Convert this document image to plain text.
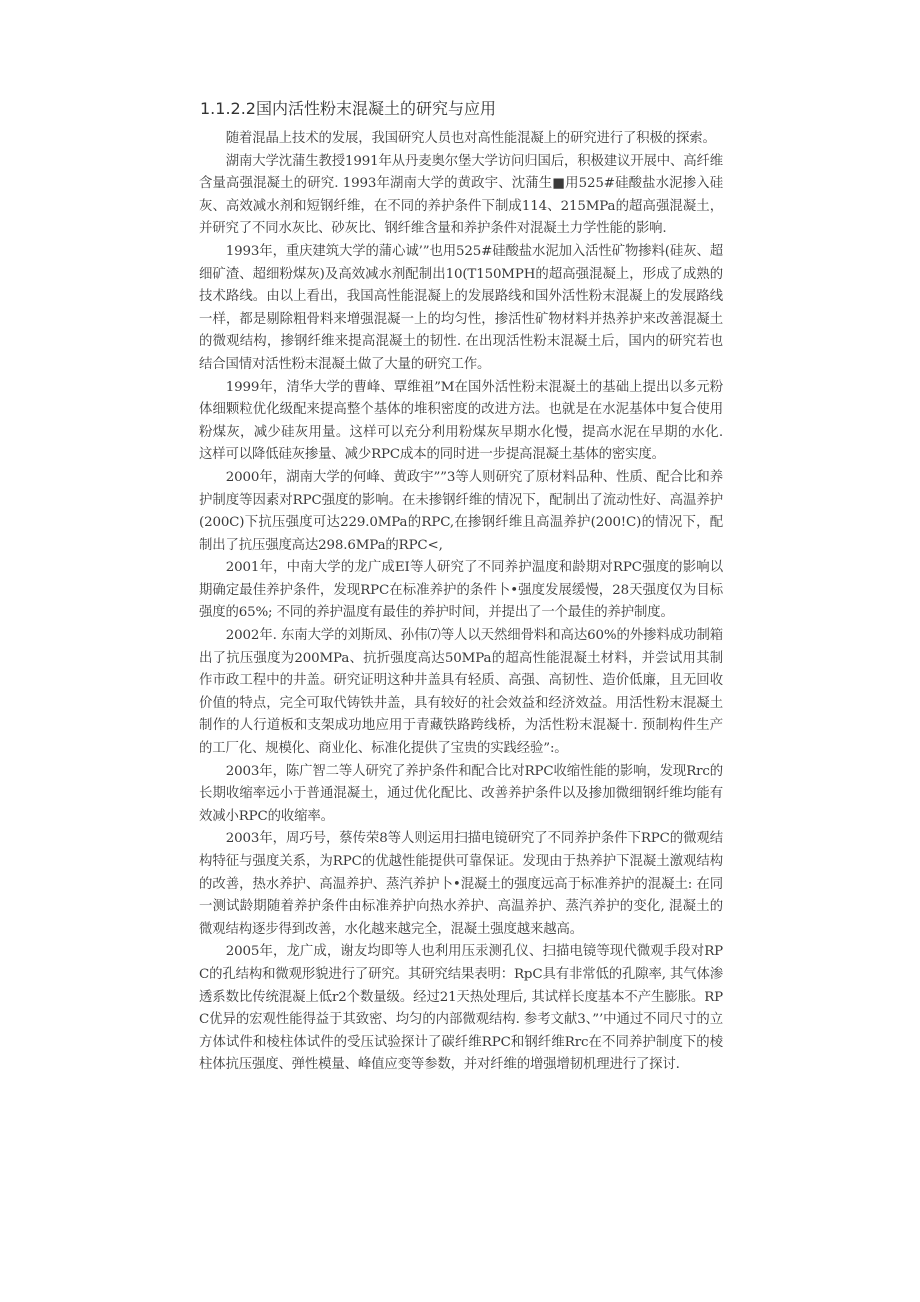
1.1.2.2国内活性粉末混凝土的研究与应用

随着混晶上技术的发展，我国研究人员也对高性能混凝上的研究进行了积极的探索。

湖南大学沈蒲生教授1991年从丹麦奥尔堡大学访问归国后，积极建议开展中、高纤维含量高强混凝土的研究. 1993年湖南大学的黄政宇、沈蒲生■用525#硅酸盐水泥掺入硅灰、高效减水剂和短钢纤维，在不同的养护条件下制成114、215MPa的超高强混凝土，并研究了不同水灰比、砂灰比、钢纤维含量和养护条件对混凝土力学性能的影响.

1993年，重庆建筑大学的蒲心诚’”也用525#硅酸盐水泥加入活性矿物掺料(硅灰、超细矿渣、超细粉煤灰)及高效减水剂配制出10(T150MPH的超高强混凝上，形成了成熟的技术路线。由以上看出，我国高性能混凝上的发展路线和国外活性粉末混凝上的发展路线一样，都是剔除粗骨料来增强混凝一上的均匀性，掺活性矿物材料并热养护来改善混凝土的微观结构，掺钢纤维来提高混凝土的韧性. 在出现活性粉末混凝土后，国内的研究若也结合国情对活性粉末混凝土做了大量的研究工作。

1999年，清华大学的曹峰、覃维祖”M在国外活性粉末混凝土的基础上提出以多元粉体细颗粒优化级配来提高整个基体的堆积密度的改进方法。也就是在水泥基体中复合使用粉煤灰，减少硅灰用量。这样可以充分利用粉煤灰早期水化慢，提高水泥在早期的水化. 这样可以降低硅灰掺量、减少RPC成本的同时进一步提高混凝土基体的密实度。

2000年，湖南大学的何峰、黄政宇””3等人则研究了原材料品种、性质、配合比和养护制度等因素对RPC强度的影响。在未掺钢纤维的情况下，配制出了流动性好、高温养护(200C)下抗压强度可达229.0MPa的RPC,在掺钢纤维且高温养护(200!C)的情况下，配制出了抗压强度高达298.6MPa的RPC<,

2001年，中南大学的龙广成EI等人研究了不同养护温度和龄期对RPC强度的影响以期确定最佳养护条件，发现RPC在标准养护的条件卜•强度发展缓慢，28天强度仅为目标强度的65%; 不同的养护温度有最佳的养护时间，并提出了一个最佳的养护制度。

2002年. 东南大学的刘斯凤、孙伟⑺等人以天然细骨料和高达60%的外掺料成功制箱出了抗压强度为200MPa、抗折强度高达50MPa的超高性能混凝土材料，并尝试用其制作市政工程中的井盖。研究证明这种井盖具有轻质、高强、高韧性、造价低廉，且无回收价值的特点，完全可取代铸铁井盖，具有较好的社会效益和经济效益。用活性粉末混凝土制作的人行道板和支架成功地应用于青藏铁路跨线桥，为活性粉末混凝十. 预制构件生产的工厂化、规模化、商业化、标准化提供了宝贵的实践经验”:。

2003年，陈广智二等人研究了养护条件和配合比对RPC收缩性能的影响，发现Rrc的长期收缩率远小于普通混凝土，通过优化配比、改善养护条件以及掺加微细钢纤维均能有效减小RPC的收缩率。

2003年，周巧号，蔡传荣8等人则运用扫描电镜研究了不同养护条件下RPC的微观结构特征与强度关系，为RPC的优越性能提供可靠保证。发现由于热养护下混凝土激观结构的改善，热水养护、高温养护、蒸汽养护卜•混凝土的强度远高于标准养护的混凝土: 在同一测试龄期随着养护条件由标准养护向热水养护、高温养护、蒸汽养护的变化, 混凝土的微观结构逐步得到改善，水化越来越完全，混凝土强度越来越高。

2005年，龙广成，谢友均即等人也利用压汞测孔仪、扫描电镜等现代微观手段对RPC的孔结构和微观形貌进行了研究。其研究结果表明：RpC具有非常低的孔隙率, 其气体渗透系数比传统混凝上低r2个数量级。经过21天热处理后, 其试样长度基本不产生膨胀。RPC优异的宏观性能得益于其致密、均匀的内部微观结构. 参考文献3、”’中通过不同尺寸的立方体试件和棱柱体试件的受压试验探计了碳纤维RPC和钢纤维Rrc在不同养护制度下的棱柱体抗压强度、弹性模量、峰值应变等参数，并对纤维的增强增韧机理进行了探讨.
